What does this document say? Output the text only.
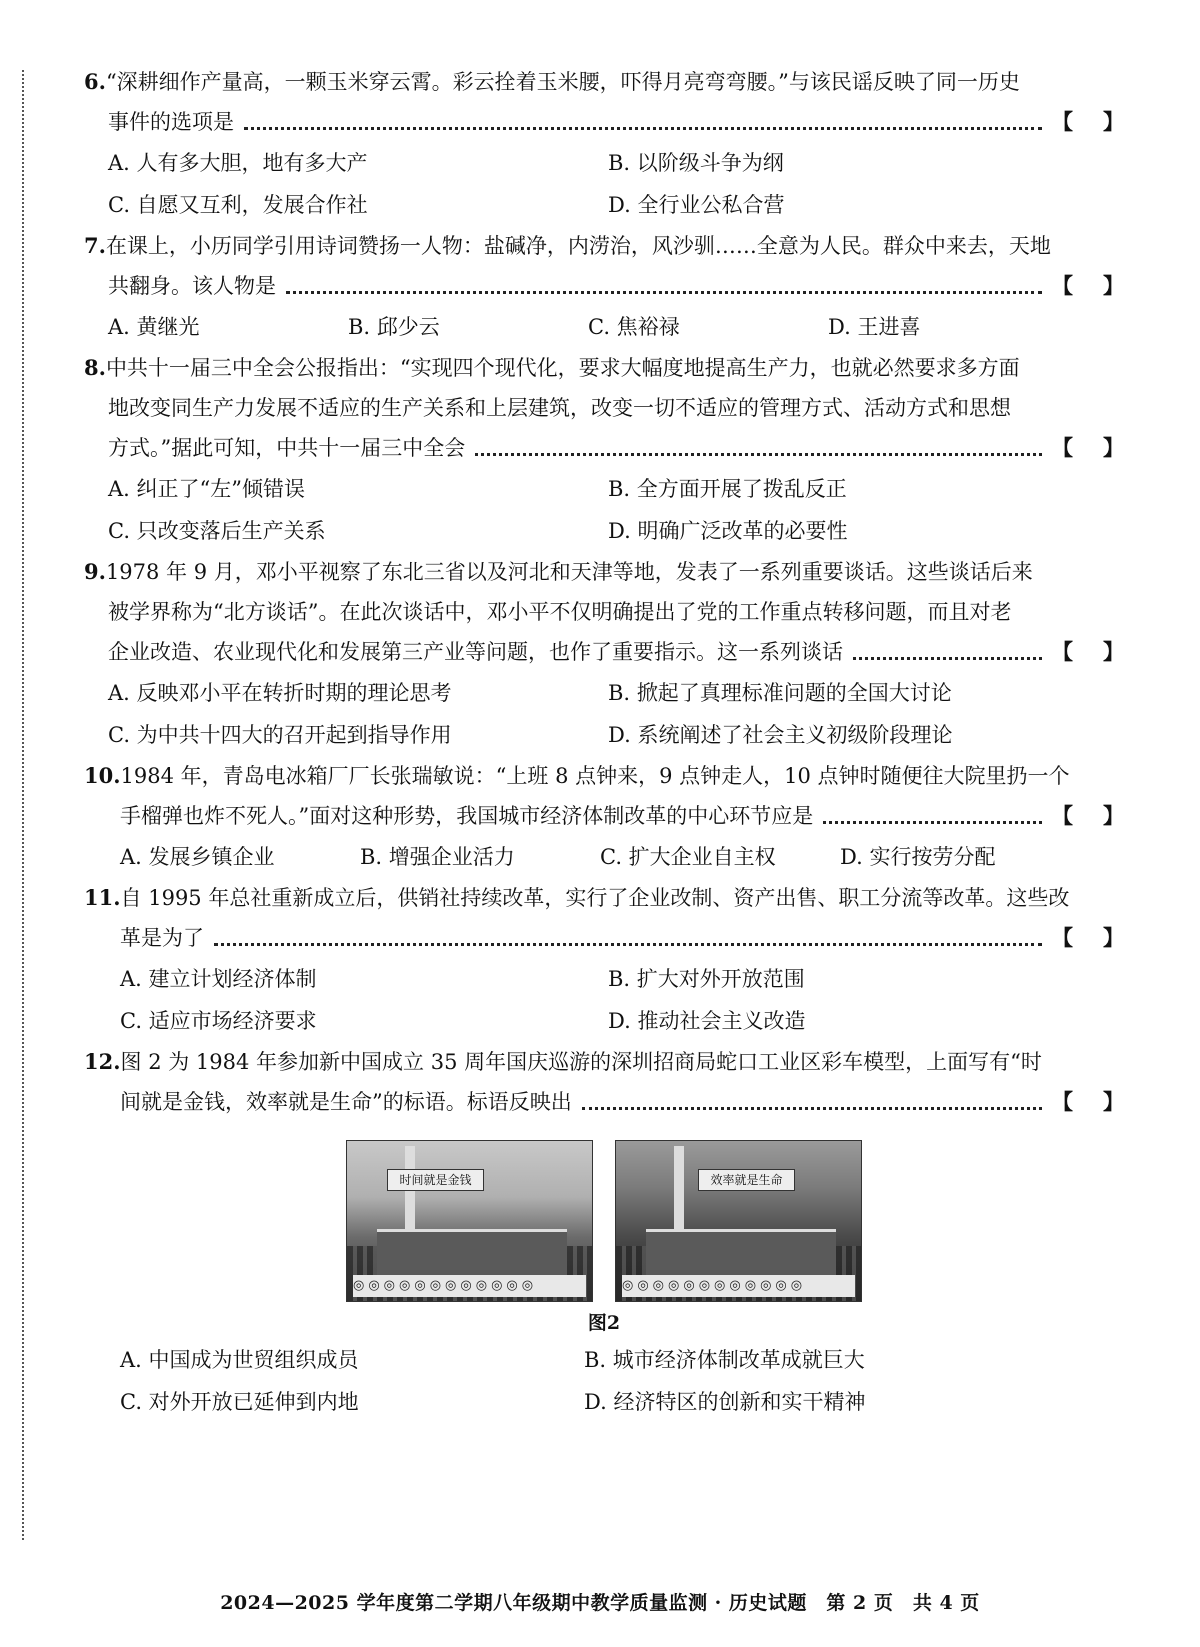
6. “深耕细作产量高，一颗玉米穿云霄。彩云拴着玉米腰，吓得月亮弯弯腰。”与该民谣反映了同一历史
事件的选项是	【 】
A. 人有多大胆，地有多大产	B. 以阶级斗争为纲
C. 自愿又互利，发展合作社	D. 全行业公私合营
7. 在课上，小历同学引用诗词赞扬一人物：盐碱净，内涝治，风沙驯……全意为人民。群众中来去，天地
共翻身。该人物是	【 】
A. 黄继光	B. 邱少云	C. 焦裕禄	D. 王进喜
8. 中共十一届三中全会公报指出：“实现四个现代化，要求大幅度地提高生产力，也就必然要求多方面
地改变同生产力发展不适应的生产关系和上层建筑，改变一切不适应的管理方式、活动方式和思想
方式。”据此可知，中共十一届三中全会	【 】
A. 纠正了“左”倾错误	B. 全方面开展了拨乱反正
C. 只改变落后生产关系	D. 明确广泛改革的必要性
9. 1978 年 9 月，邓小平视察了东北三省以及河北和天津等地，发表了一系列重要谈话。这些谈话后来
被学界称为“北方谈话”。在此次谈话中，邓小平不仅明确提出了党的工作重点转移问题，而且对老
企业改造、农业现代化和发展第三产业等问题，也作了重要指示。这一系列谈话	【 】
A. 反映邓小平在转折时期的理论思考	B. 掀起了真理标准问题的全国大讨论
C. 为中共十四大的召开起到指导作用	D. 系统阐述了社会主义初级阶段理论
10. 1984 年，青岛电冰箱厂厂长张瑞敏说：“上班 8 点钟来，9 点钟走人，10 点钟时随便往大院里扔一个
手榴弹也炸不死人。”面对这种形势，我国城市经济体制改革的中心环节应是	【 】
A. 发展乡镇企业	B. 增强企业活力	C. 扩大企业自主权	D. 实行按劳分配
11. 自 1995 年总社重新成立后，供销社持续改革，实行了企业改制、资产出售、职工分流等改革。这些改
革是为了	【 】
A. 建立计划经济体制	B. 扩大对外开放范围
C. 适应市场经济要求	D. 推动社会主义改造
12. 图 2 为 1984 年参加新中国成立 35 周年国庆巡游的深圳招商局蛇口工业区彩车模型，上面写有“时
间就是金钱，效率就是生命”的标语。标语反映出	【 】
时间就是金钱
◎◎◎◎◎◎◎◎◎◎◎◎
效率就是生命
◎◎◎◎◎◎◎◎◎◎◎◎
图2
A. 中国成为世贸组织成员	B. 城市经济体制改革成就巨大
C. 对外开放已延伸到内地	D. 经济特区的创新和实干精神
2024—2025 学年度第二学期八年级期中教学质量监测 · 历史试题　第 2 页　共 4 页
